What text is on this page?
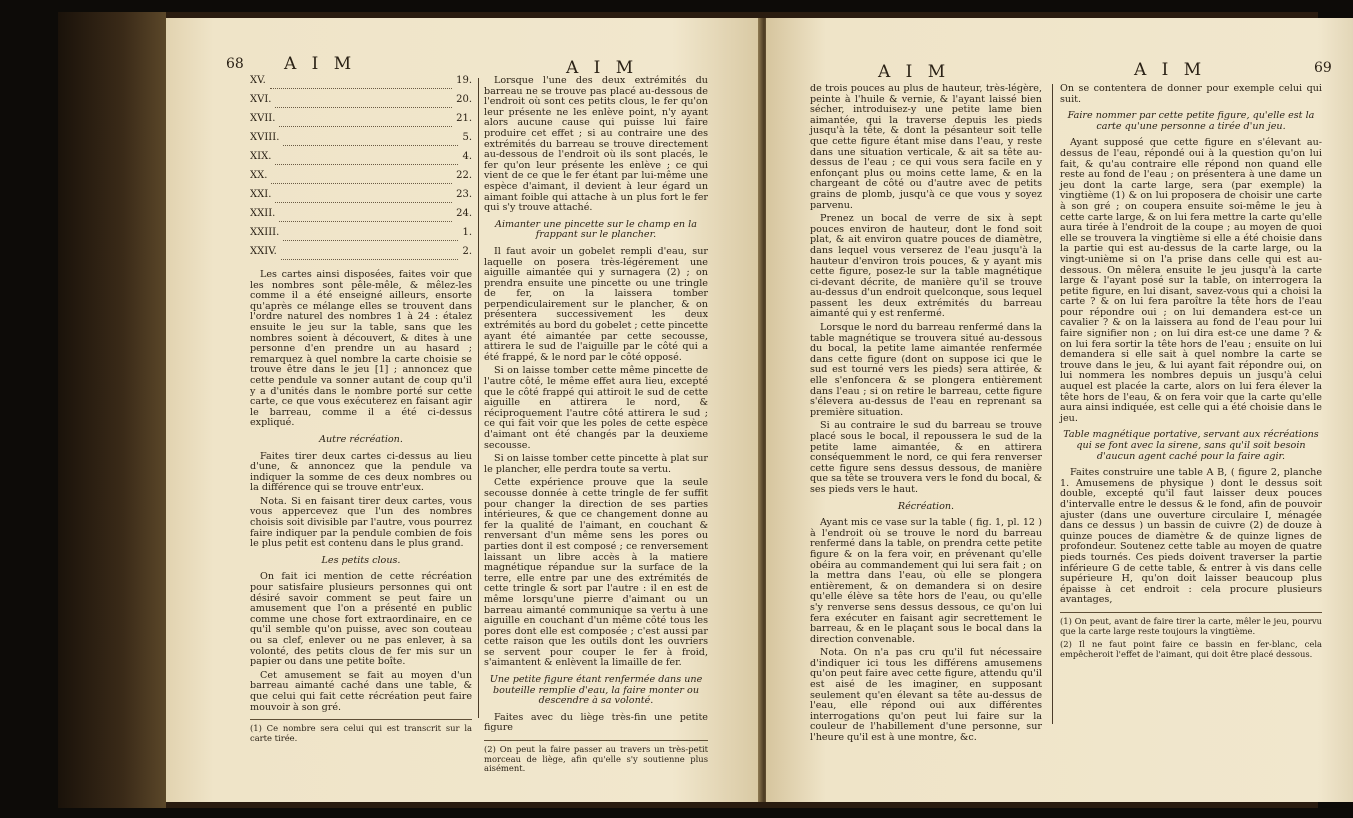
68 A I M	A I M
XV.	19.
XVI.	20.
XVII.	21.
XVIII.	5.
XIX.	4.
XX.	22.
XXI.	23.
XXII.	24.
XXIII.	1.
XXIV.	2.

Les cartes ainsi disposées, faites voir que les nombres sont pêle-mêle, & mêlez-les comme il a été enseigné ailleurs, ensorte qu'après ce mélange elles se trouvent dans l'ordre naturel des nombres 1 à 24 : étalez ensuite le jeu sur la table, sans que les nombres soient à découvert, & dites à une personne d'en prendre un au hasard ; remarquez à quel nombre la carte choisie se trouve être dans le jeu [1] ; annoncez que cette pendule va sonner autant de coup qu'il y a d'unités dans le nombre porté sur cette carte, ce que vous exécuterez en faisant agir le barreau, comme il a été ci-dessus expliqué.

Autre récréation.

Faites tirer deux cartes ci-dessus au lieu d'une, & annoncez que la pendule va indiquer la somme de ces deux nombres ou la différence qui se trouve entr'eux.

Nota. Si en faisant tirer deux cartes, vous vous appercevez que l'un des nombres choisis soit divisible par l'autre, vous pourrez faire indiquer par la pendule combien de fois le plus petit est contenu dans le plus grand.

Les petits clous.

On fait ici mention de cette récréation pour satisfaire plusieurs personnes qui ont désiré savoir comment se peut faire un amusement que l'on a présenté en public comme une chose fort extraordinaire, en ce qu'il semble qu'on puisse, avec son couteau ou sa clef, enlever ou ne pas enlever, à sa volonté, des petits clous de fer mis sur un papier ou dans une petite boîte.

Cet amusement se fait au moyen d'un barreau aimanté caché dans une table, & que celui qui fait cette récréation peut faire mouvoir à son gré.

(1) Ce nombre sera celui qui est transcrit sur la carte tirée.

Lorsque l'une des deux extrémités du barreau ne se trouve pas placé au-dessous de l'endroit où sont ces petits clous, le fer qu'on leur présente ne les enlève point, n'y ayant alors aucune cause qui puisse lui faire produire cet effet ; si au contraire une des extrémités du barreau se trouve directement au-dessous de l'endroit où ils sont placés, le fer qu'on leur présente les enlève ; ce qui vient de ce que le fer étant par lui-même une espèce d'aimant, il devient à leur égard un aimant foible qui attache à un plus fort le fer qui s'y trouve attaché.

Aimanter une pincette sur le champ en la frappant sur le plancher.

Il faut avoir un gobelet rempli d'eau, sur laquelle on posera très-légérement une aiguille aimantée qui y surnagera (2) ; on prendra ensuite une pincette ou une tringle de fer, on la laissera tomber perpendiculairement sur le plancher, & on présentera successivement les deux extrémités au bord du gobelet ; cette pincette ayant été aimantée par cette secousse, attirera le sud de l'aiguille par le côté qui a été frappé, & le nord par le côté opposé.

Si on laisse tomber cette même pincette de l'autre côté, le même effet aura lieu, excepté que le côté frappé qui attiroit le sud de cette aiguille en attirera le nord, & réciproquement l'autre côté attirera le sud ; ce qui fait voir que les poles de cette espèce d'aimant ont été changés par la deuxieme secousse.

Si on laisse tomber cette pincette à plat sur le plancher, elle perdra toute sa vertu.

Cette expérience prouve que la seule secousse donnée à cette tringle de fer suffit pour changer la direction de ses parties intérieures, & que ce changement donne au fer la qualité de l'aimant, en couchant & renversant d'un même sens les pores ou parties dont il est composé ; ce renversement laissant un libre accès à la matiere magnétique répandue sur la surface de la terre, elle entre par une des extrémités de cette tringle & sort par l'autre : il en est de même lorsqu'une pierre d'aimant ou un barreau aimanté communique sa vertu à une aiguille en couchant d'un même côté tous les pores dont elle est composée ; c'est aussi par cette raison que les outils dont les ouvriers se servent pour couper le fer à froid, s'aimantent & enlèvent la limaille de fer.

Une petite figure étant renfermée dans une bouteille remplie d'eau, la faire monter ou descendre à sa volonté.

Faites avec du liège très-fin une petite figure

(2) On peut la faire passer au travers un très-petit morceau de liège, afin qu'elle s'y soutienne plus aisément.
A I M	A I M	69

de trois pouces au plus de hauteur, très-légère, peinte à l'huile & vernie, & l'ayant laissé bien sécher, introduisez-y une petite lame bien aimantée, qui la traverse depuis les pieds jusqu'à la tête, & dont la pésanteur soit telle que cette figure étant mise dans l'eau, y reste dans une situation verticale, & ait sa tête au-dessus de l'eau ; ce qui vous sera facile en y enfonçant plus ou moins cette lame, & en la chargeant de côté ou d'autre avec de petits grains de plomb, jusqu'à ce que vous y soyez parvenu.

Prenez un bocal de verre de six à sept pouces environ de hauteur, dont le fond soit plat, & ait environ quatre pouces de diamètre, dans lequel vous verserez de l'eau jusqu'à la hauteur d'environ trois pouces, & y ayant mis cette figure, posez-le sur la table magnétique ci-devant décrite, de manière qu'il se trouve au-dessus d'un endroit quelconque, sous lequel passent les deux extrémités du barreau aimanté qui y est renfermé.

Lorsque le nord du barreau renfermé dans la table magnétique se trouvera situé au-dessous du bocal, la petite lame aimantée renfermée dans cette figure (dont on suppose ici que le sud est tourné vers les pieds) sera attirée, & elle s'enfoncera & se plongera entièrement dans l'eau ; si on retire le barreau, cette figure s'élevera au-dessus de l'eau en reprenant sa première situation.

Si au contraire le sud du barreau se trouve placé sous le bocal, il repoussera le sud de la petite lame aimantée, & en attirera conséquemment le nord, ce qui fera renverser cette figure sens dessus dessous, de manière que sa tête se trouvera vers le fond du bocal, & ses pieds vers le haut.

Récréation.

Ayant mis ce vase sur la table ( fig. 1, pl. 12 ) à l'endroit où se trouve le nord du barreau renfermé dans la table, on prendra cette petite figure & on la fera voir, en prévenant qu'elle obéira au commandement qui lui sera fait ; on la mettra dans l'eau, où elle se plongera entièrement, & on demandera si on desire qu'elle élève sa tête hors de l'eau, ou qu'elle s'y renverse sens dessus dessous, ce qu'on lui fera exécuter en faisant agir secrettement le barreau, & en le plaçant sous le bocal dans la direction convenable.

Nota. On n'a pas cru qu'il fut nécessaire d'indiquer ici tous les différens amusemens qu'on peut faire avec cette figure, attendu qu'il est aisé de les imaginer, en supposant seulement qu'en élevant sa tête au-dessus de l'eau, elle répond oui aux différentes interrogations qu'on peut lui faire sur la couleur de l'habillement d'une personne, sur l'heure qu'il est à une montre, &c.

On se contentera de donner pour exemple celui qui suit.

Faire nommer par cette petite figure, qu'elle est la carte qu'une personne a tirée d'un jeu.

Ayant supposé que cette figure en s'élevant au-dessus de l'eau, répondé oui à la question qu'on lui fait, & qu'au contraire elle répond non quand elle reste au fond de l'eau ; on présentera à une dame un jeu dont la carte large, sera (par exemple) la vingtième (1) & on lui proposera de choisir une carte à son gré ; on coupera ensuite soi-même le jeu à cette carte large, & on lui fera mettre la carte qu'elle aura tirée à l'endroit de la coupe ; au moyen de quoi elle se trouvera la vingtième si elle a été choisie dans la partie qui est au-dessus de la carte large, ou la vingt-unième si on l'a prise dans celle qui est au-dessous. On mêlera ensuite le jeu jusqu'à la carte large & l'ayant posé sur la table, on interrogera la petite figure, en lui disant, savez-vous qui a choisi la carte ? & on lui fera paroître la tête hors de l'eau pour répondre oui ; on lui demandera est-ce un cavalier ? & on la laissera au fond de l'eau pour lui faire signifier non ; on lui dira est-ce une dame ? & on lui fera sortir la tête hors de l'eau ; ensuite on lui demandera si elle sait à quel nombre la carte se trouve dans le jeu, & lui ayant fait répondre oui, on lui nommera les nombres depuis un jusqu'à celui auquel est placée la carte, alors on lui fera élever la tête hors de l'eau, & on fera voir que la carte qu'elle aura ainsi indiquée, est celle qui a été choisie dans le jeu.

Table magnétique portative, servant aux récréations qui se font avec la sirene, sans qu'il soit besoin d'aucun agent caché pour la faire agir.

Faites construire une table A B, ( figure 2, planche 1. Amusemens de physique ) dont le dessus soit double, excepté qu'il faut laisser deux pouces d'intervalle entre le dessus & le fond, afin de pouvoir ajuster (dans une ouverture circulaire I, ménagée dans ce dessus ) un bassin de cuivre (2) de douze à quinze pouces de diamètre & de quinze lignes de profondeur. Soutenez cette table au moyen de quatre pieds tournés. Ces pieds doivent traverser la partie inférieure G de cette table, & entrer à vis dans celle supérieure H, qu'on doit laisser beaucoup plus épaisse à cet endroit : cela procure plusieurs avantages,

(1) On peut, avant de faire tirer la carte, mêler le jeu, pourvu que la carte large reste toujours la vingtième.
(2) Il ne faut point faire ce bassin en fer-blanc, cela empêcheroit l'effet de l'aimant, qui doit être placé dessous.
